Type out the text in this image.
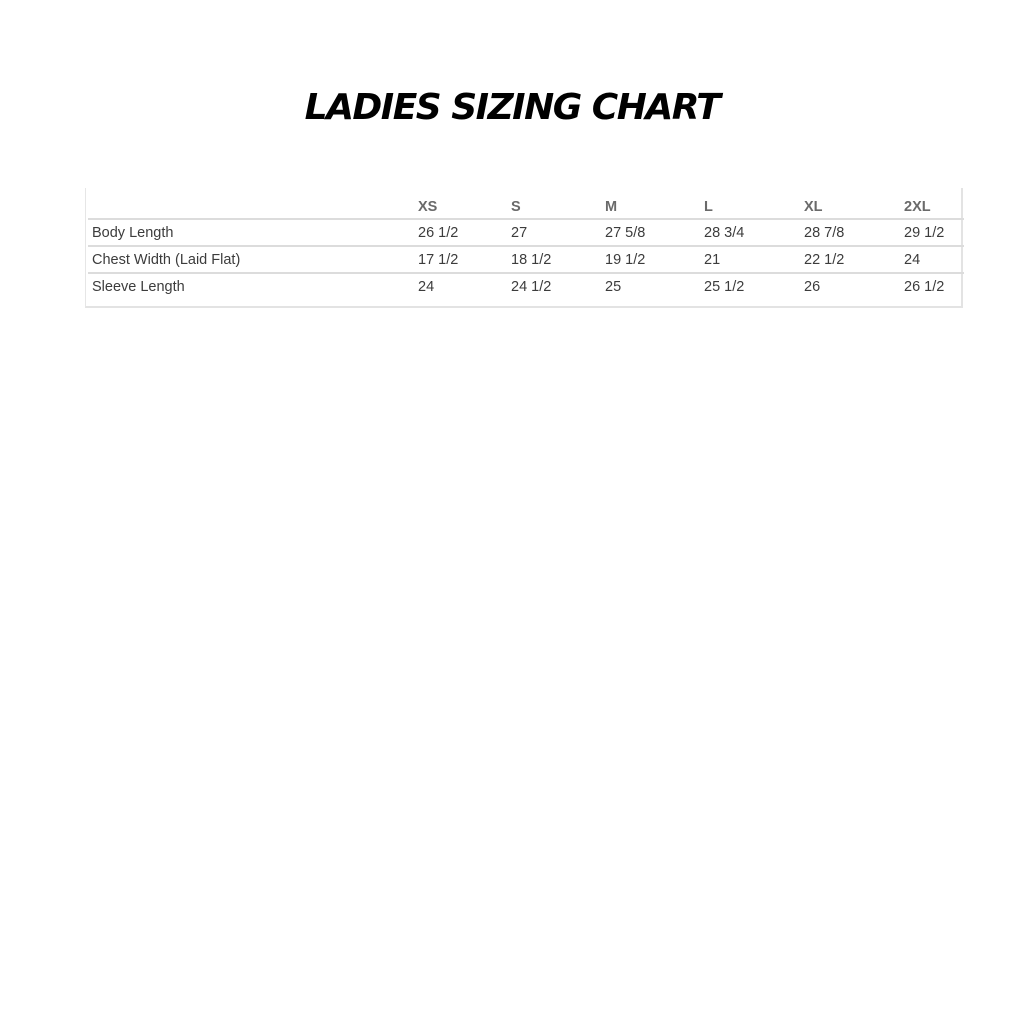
LADIES SIZING CHART
	XS	S	M	L	XL	2XL
Body Length	26 1/2	27	27 5/8	28 3/4	28 7/8	29 1/2
Chest Width (Laid Flat)	17 1/2	18 1/2	19 1/2	21	22 1/2	24
Sleeve Length	24	24 1/2	25	25 1/2	26	26 1/2
